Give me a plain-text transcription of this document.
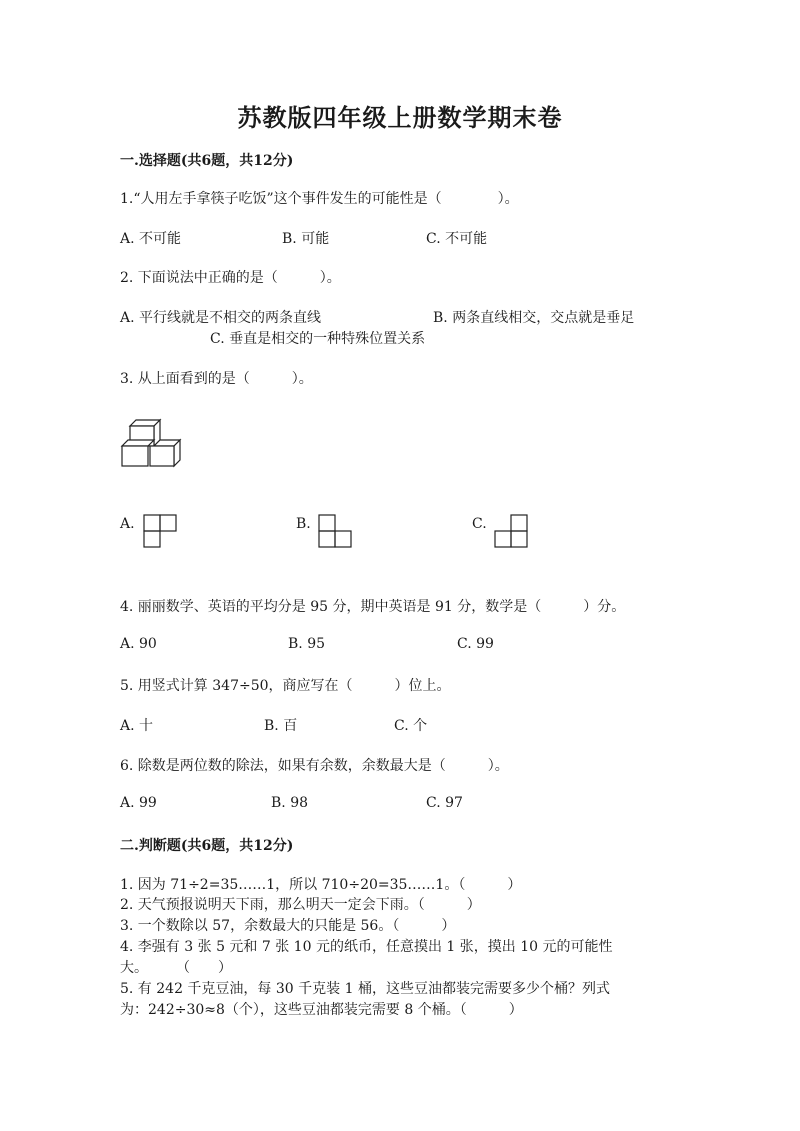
苏教版四年级上册数学期末卷
一.选择题(共6题，共12分)
1.“人用左手拿筷子吃饭”这个事件发生的可能性是（　　　　）。
A. 不可能	B. 可能	C. 不可能
2. 下面说法中正确的是（　　　）。
A. 平行线就是不相交的两条直线	B. 两条直线相交，交点就是垂足
C. 垂直是相交的一种特殊位置关系
3. 从上面看到的是（　　　）。
A.	B.	C.
4. 丽丽数学、英语的平均分是 95 分，期中英语是 91 分，数学是（　　　）分。
A. 90	B. 95	C. 99
5. 用竖式计算 347÷50，商应写在（　　　）位上。
A. 十	B. 百	C. 个
6. 除数是两位数的除法，如果有余数，余数最大是（　　　）。
A. 99	B. 98	C. 97
二.判断题(共6题，共12分)
1. 因为 71÷2=35……1，所以 710÷20=35……1。（　　　）
2. 天气预报说明天下雨，那么明天一定会下雨。（　　　）
3. 一个数除以 57，余数最大的只能是 56。（　　　）
4. 李强有 3 张 5 元和 7 张 10 元的纸币，任意摸出 1 张，摸出 10 元的可能性
大。　　　（　　）
5. 有 242 千克豆油，每 30 千克装 1 桶，这些豆油都装完需要多少个桶？列式
为：242÷30≈8（个），这些豆油都装完需要 8 个桶。（　　　）
